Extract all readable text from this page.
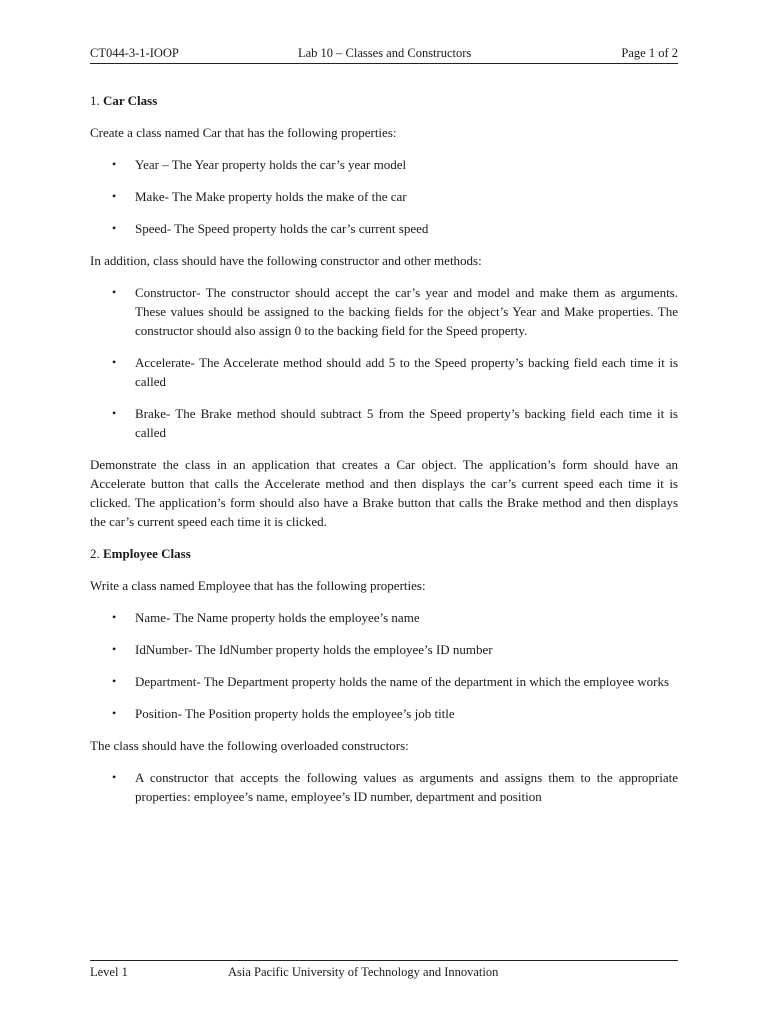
CT044-3-1-IOOP	Lab 10 – Classes and Constructors	Page 1 of 2
1. Car Class

Create a class named Car that has the following properties:

• Year – The Year property holds the car’s year model
• Make- The Make property holds the make of the car
• Speed- The Speed property holds the car’s current speed

In addition, class should have the following constructor and other methods:

• Constructor- The constructor should accept the car’s year and model and make them as arguments. These values should be assigned to the backing fields for the object’s Year and Make properties. The constructor should also assign 0 to the backing field for the Speed property.
• Accelerate- The Accelerate method should add 5 to the Speed property’s backing field each time it is called
• Brake- The Brake method should subtract 5 from the Speed property’s backing field each time it is called

Demonstrate the class in an application that creates a Car object. The application’s form should have an Accelerate button that calls the Accelerate method and then displays the car’s current speed each time it is clicked. The application’s form should also have a Brake button that calls the Brake method and then displays the car’s current speed each time it is clicked.

2. Employee Class

Write a class named Employee that has the following properties:

• Name- The Name property holds the employee’s name
• IdNumber- The IdNumber property holds the employee’s ID number
• Department- The Department property holds the name of the department in which the employee works
• Position- The Position property holds the employee’s job title

The class should have the following overloaded constructors:

• A constructor that accepts the following values as arguments and assigns them to the appropriate properties: employee’s name, employee’s ID number, department and position
Level 1	Asia Pacific University of Technology and Innovation
